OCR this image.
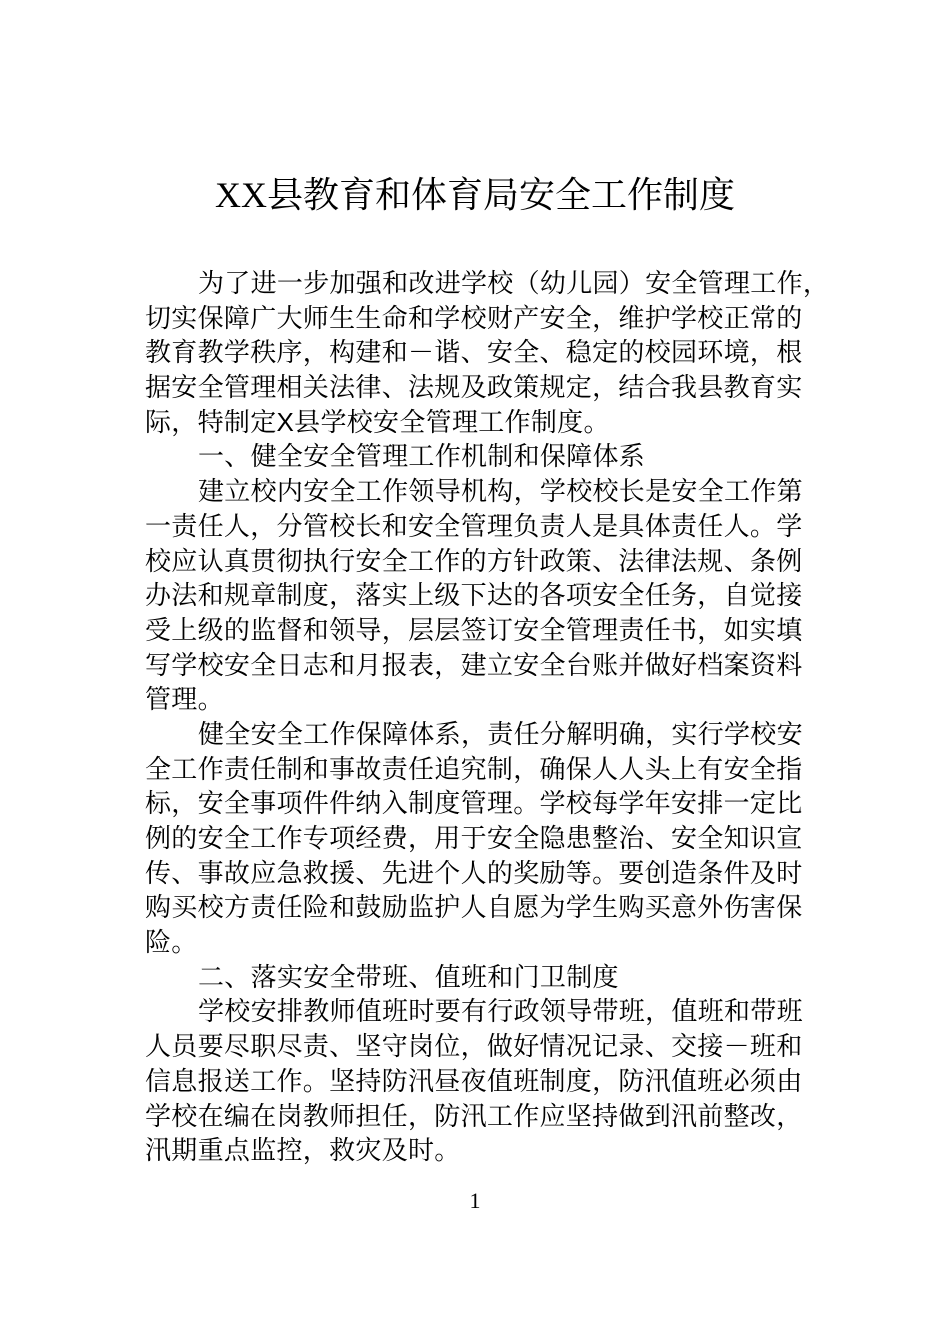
XX县教育和体育局安全工作制度
为了进一步加强和改进学校（幼儿园）安全管理工作，
切实保障广大师生生命和学校财产安全，维护学校正常的
教育教学秩序，构建和－谐、安全、稳定的校园环境，根
据安全管理相关法律、法规及政策规定，结合我县教育实
际，特制定X县学校安全管理工作制度。
一、健全安全管理工作机制和保障体系
建立校内安全工作领导机构，学校校长是安全工作第
一责任人，分管校长和安全管理负责人是具体责任人。学
校应认真贯彻执行安全工作的方针政策、法律法规、条例
办法和规章制度，落实上级下达的各项安全任务，自觉接
受上级的监督和领导，层层签订安全管理责任书，如实填
写学校安全日志和月报表，建立安全台账并做好档案资料
管理。
健全安全工作保障体系，责任分解明确，实行学校安
全工作责任制和事故责任追究制，确保人人头上有安全指
标，安全事项件件纳入制度管理。学校每学年安排一定比
例的安全工作专项经费，用于安全隐患整治、安全知识宣
传、事故应急救援、先进个人的奖励等。要创造条件及时
购买校方责任险和鼓励监护人自愿为学生购买意外伤害保
险。
二、落实安全带班、值班和门卫制度
学校安排教师值班时要有行政领导带班，值班和带班
人员要尽职尽责、坚守岗位，做好情况记录、交接－班和
信息报送工作。坚持防汛昼夜值班制度，防汛值班必须由
学校在编在岗教师担任，防汛工作应坚持做到汛前整改，
汛期重点监控，救灾及时。
1
